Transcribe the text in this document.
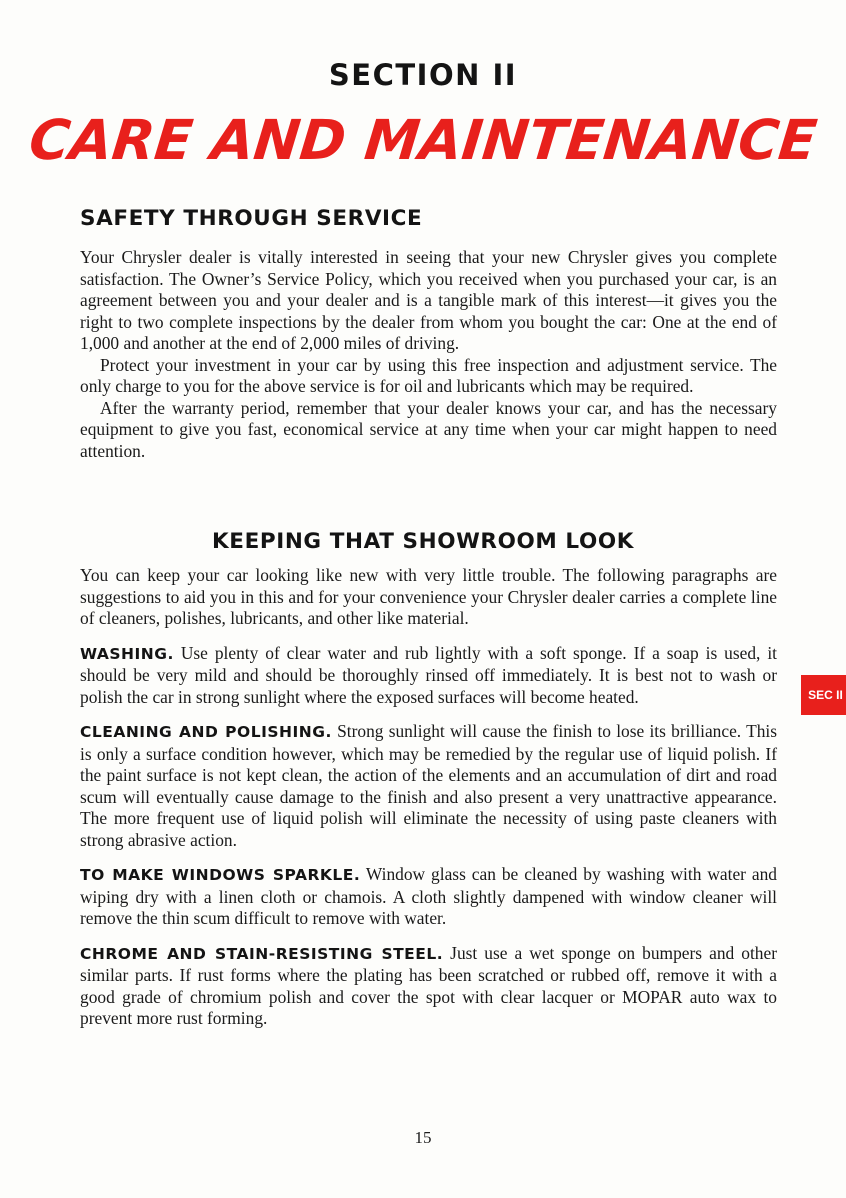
SECTION II
CARE AND MAINTENANCE
SAFETY THROUGH SERVICE

Your Chrysler dealer is vitally interested in seeing that your new Chrysler gives you complete satisfaction. The Owner’s Service Policy, which you received when you purchased your car, is an agreement between you and your dealer and is a tangible mark of this interest—it gives you the right to two complete inspections by the dealer from whom you bought the car: One at the end of 1,000 and another at the end of 2,000 miles of driving.

Protect your investment in your car by using this free inspection and adjustment service. The only charge to you for the above service is for oil and lubricants which may be required.

After the warranty period, remember that your dealer knows your car, and has the necessary equipment to give you fast, economical service at any time when your car might happen to need attention.

KEEPING THAT SHOWROOM LOOK

You can keep your car looking like new with very little trouble. The following paragraphs are suggestions to aid you in this and for your convenience your Chrysler dealer carries a complete line of cleaners, polishes, lubricants, and other like material.

WASHING. Use plenty of clear water and rub lightly with a soft sponge. If a soap is used, it should be very mild and should be thoroughly rinsed off immediately. It is best not to wash or polish the car in strong sunlight where the exposed surfaces will become heated.

CLEANING AND POLISHING. Strong sunlight will cause the finish to lose its brilliance. This is only a surface condition however, which may be remedied by the regular use of liquid polish. If the paint surface is not kept clean, the action of the elements and an accumulation of dirt and road scum will eventually cause damage to the finish and also present a very unattractive appearance. The more frequent use of liquid polish will eliminate the necessity of using paste cleaners with strong abrasive action.

TO MAKE WINDOWS SPARKLE. Window glass can be cleaned by washing with water and wiping dry with a linen cloth or chamois. A cloth slightly dampened with window cleaner will remove the thin scum difficult to remove with water.

CHROME AND STAIN-RESISTING STEEL. Just use a wet sponge on bumpers and other similar parts. If rust forms where the plating has been scratched or rubbed off, remove it with a good grade of chromium polish and cover the spot with clear lacquer or MOPAR auto wax to prevent more rust forming.

SEC II
15
